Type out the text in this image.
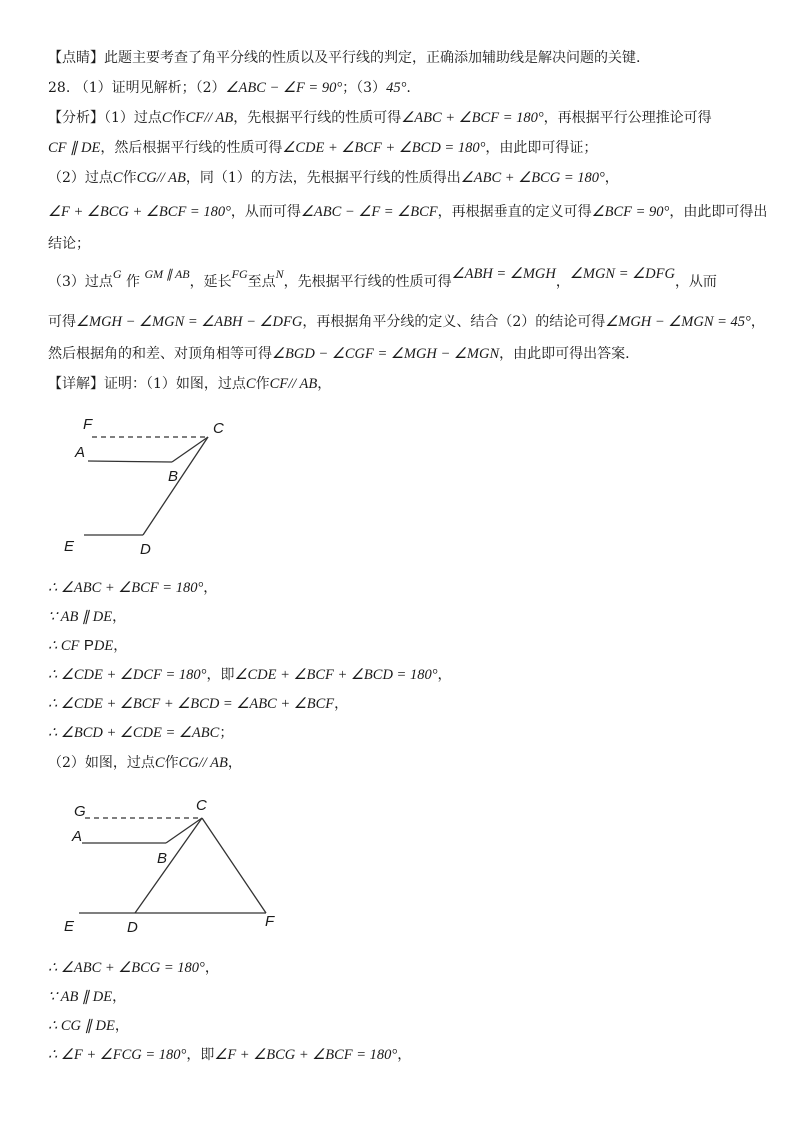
【点睛】此题主要考查了角平分线的性质以及平行线的判定，正确添加辅助线是解决问题的关键.
28. （1）证明见解析；（2）∠ABC − ∠F = 90°；（3）45°.
【分析】（1）过点C作CF// AB，先根据平行线的性质可得∠ABC + ∠BCF = 180°，再根据平行公理推论可得
CF ∥ DE，然后根据平行线的性质可得∠CDE + ∠BCF + ∠BCD = 180°，由此即可得证；
（2）过点C作CG// AB，同（1）的方法，先根据平行线的性质得出∠ABC + ∠BCG = 180°，
∠F + ∠BCG + ∠BCF = 180°，从而可得∠ABC − ∠F = ∠BCF，再根据垂直的定义可得∠BCF = 90°，由此即可得出
结论；
（3）过点G 作 GM ∥ AB，延长FG至点N，先根据平行线的性质可得∠ABH = ∠MGH，∠MGN = ∠DFG，从而
可得∠MGH − ∠MGN = ∠ABH − ∠DFG，再根据角平分线的定义、结合（2）的结论可得∠MGH − ∠MGN = 45°，
然后根据角的和差、对顶角相等可得∠BGD − ∠CGF = ∠MGH − ∠MGN，由此即可得出答案.
【详解】证明：（1）如图，过点C作CF// AB，
F	C
A
B
E	D
∴ ∠ABC + ∠BCF = 180°，
∵ AB ∥ DE，
∴ CF PDE，
∴ ∠CDE + ∠DCF = 180°，即∠CDE + ∠BCF + ∠BCD = 180°，
∴ ∠CDE + ∠BCF + ∠BCD = ∠ABC + ∠BCF，
∴ ∠BCD + ∠CDE = ∠ABC；
（2）如图，过点C作CG// AB，
G	C
A
B
E	D	F
∴ ∠ABC + ∠BCG = 180°，
∵ AB ∥ DE，
∴ CG ∥ DE，
∴ ∠F + ∠FCG = 180°，即∠F + ∠BCG + ∠BCF = 180°，
